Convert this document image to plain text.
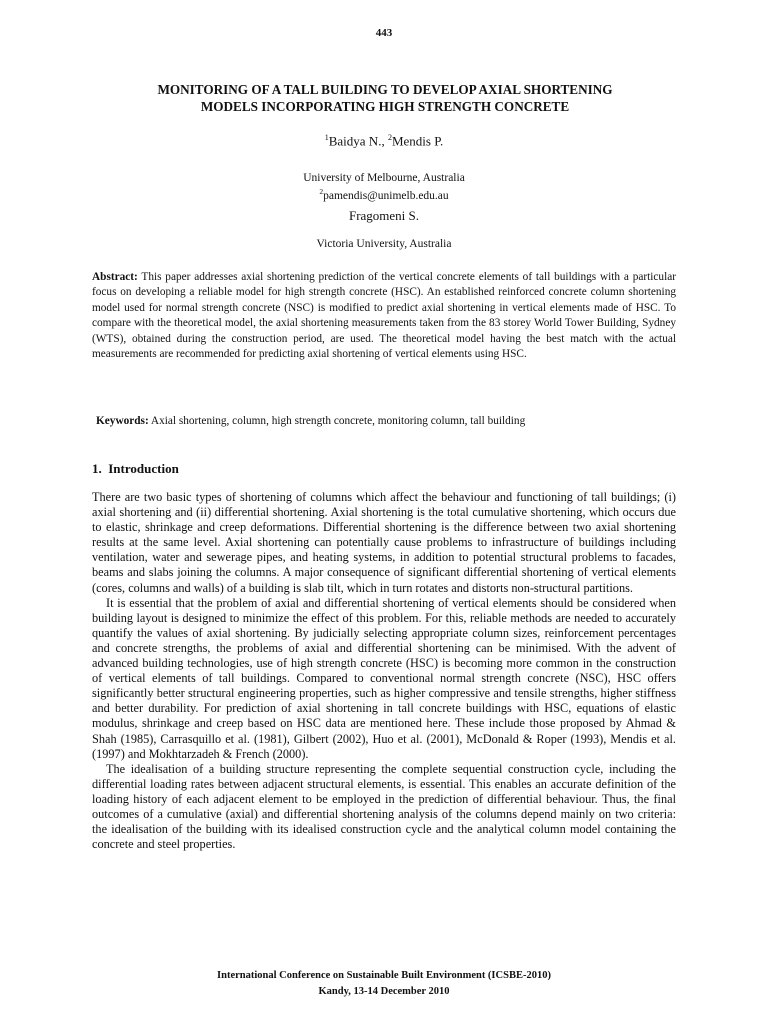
443
MONITORING OF A TALL BUILDING TO DEVELOP AXIAL SHORTENING
MODELS INCORPORATING HIGH STRENGTH CONCRETE
$^1$Baidya N., $^2$Mendis P.
University of Melbourne, Australia
$^2$pamendis@unimelb.edu.au
Fragomeni S.
Victoria University, Australia
Abstract: This paper addresses axial shortening prediction of the vertical concrete elements of tall buildings with a particular focus on developing a reliable model for high strength concrete (HSC). An established reinforced concrete column shortening model used for normal strength concrete (NSC) is modified to predict axial shortening in vertical elements made of HSC. To compare with the theoretical model, the axial shortening measurements taken from the 83 storey World Tower Building, Sydney (WTS), obtained during the construction period, are used. The theoretical model having the best match with the actual measurements are recommended for predicting axial shortening of vertical elements using HSC.
Keywords: Axial shortening, column, high strength concrete, monitoring column, tall building
1. Introduction

There are two basic types of shortening of columns which affect the behaviour and functioning of tall buildings; (i) axial shortening and (ii) differential shortening. Axial shortening is the total cumulative shortening, which occurs due to elastic, shrinkage and creep deformations. Differential shortening is the difference between two axial shortening results at the same level. Axial shortening can potentially cause problems to infrastructure of buildings including ventilation, water and sewerage pipes, and heating systems, in addition to potential structural problems to facades, beams and slabs joining the columns. A major consequence of significant differential shortening of vertical elements (cores, columns and walls) of a building is slab tilt, which in turn rotates and distorts non-structural partitions.

It is essential that the problem of axial and differential shortening of vertical elements should be considered when building layout is designed to minimize the effect of this problem. For this, reliable methods are needed to accurately quantify the values of axial shortening. By judicially selecting appropriate column sizes, reinforcement percentages and concrete strengths, the problems of axial and differential shortening can be minimised. With the advent of advanced building technologies, use of high strength concrete (HSC) is becoming more common in the construction of vertical elements of tall buildings. Compared to conventional normal strength concrete (NSC), HSC offers significantly better structural engineering properties, such as higher compressive and tensile strengths, higher stiffness and better durability. For prediction of axial shortening in tall concrete buildings with HSC, equations of elastic modulus, shrinkage and creep based on HSC data are mentioned here. These include those proposed by Ahmad & Shah (1985), Carrasquillo et al. (1981), Gilbert (2002), Huo et al. (2001), McDonald & Roper (1993), Mendis et al. (1997) and Mokhtarzadeh & French (2000).

The idealisation of a building structure representing the complete sequential construction cycle, including the differential loading rates between adjacent structural elements, is essential. This enables an accurate definition of the loading history of each adjacent element to be employed in the prediction of differential behaviour. Thus, the final outcomes of a cumulative (axial) and differential shortening analysis of the columns depend mainly on two criteria: the idealisation of the building with its idealised construction cycle and the analytical column model containing the concrete and steel properties.

International Conference on Sustainable Built Environment (ICSBE-2010)
Kandy, 13-14 December 2010
